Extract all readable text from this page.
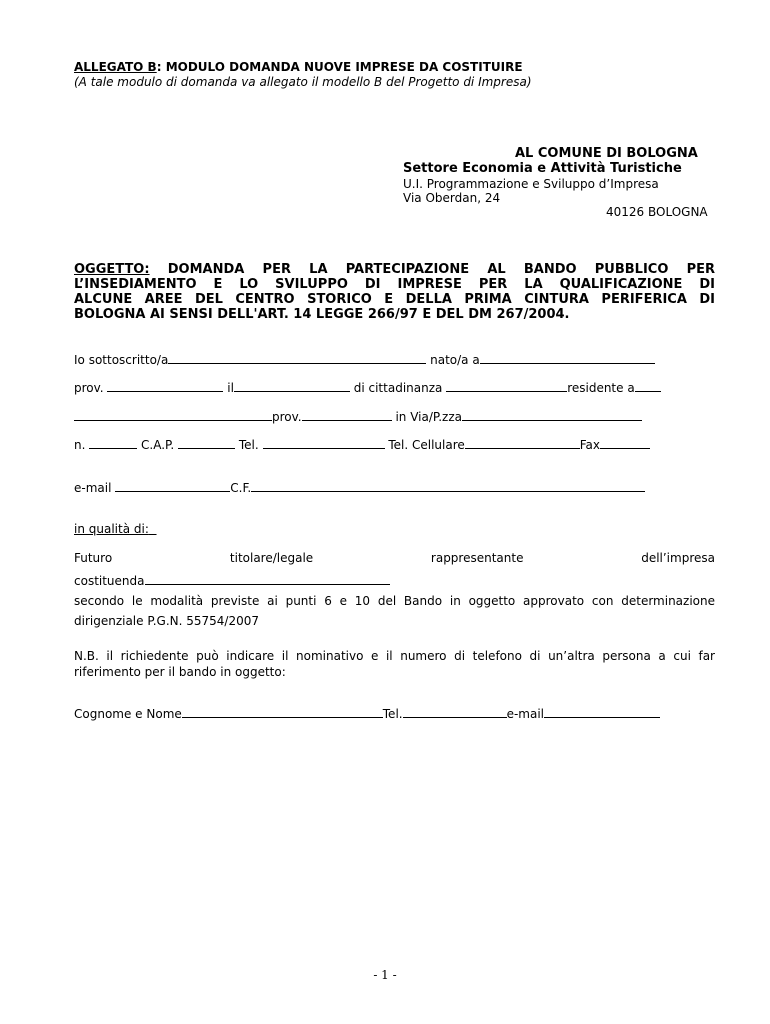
ALLEGATO B: MODULO DOMANDA NUOVE IMPRESE DA COSTITUIRE
(A tale modulo di domanda va allegato il modello B del Progetto di Impresa)
AL COMUNE DI BOLOGNA
Settore Economia e Attività Turistiche
U.I. Programmazione e Sviluppo d’Impresa
Via Oberdan, 24
40126 BOLOGNA
OGGETTO: DOMANDA PER LA PARTECIPAZIONE AL BANDO PUBBLICO PER
L’INSEDIAMENTO E LO SVILUPPO DI IMPRESE PER LA QUALIFICAZIONE DI
ALCUNE AREE DEL CENTRO STORICO E DELLA PRIMA CINTURA PERIFERICA DI
BOLOGNA AI SENSI DELL'ART. 14 LEGGE 266/97 E DEL DM 267/2004.
Io sottoscritto/a	nato/a a
prov.	il	di cittadinanza	residente a
prov.	in Via/P.zza
n.	C.A.P.	Tel.	Tel. Cellulare	Fax
e-mail	C.F.
in qualità di:
Futuro	titolare/legale	rappresentante	dell’impresa
costituenda
secondo le modalità previste ai punti 6 e 10 del Bando in oggetto approvato con determinazione dirigenziale P.G.N. 55754/2007
N.B. il richiedente può indicare il nominativo e il numero di telefono di un’altra persona a cui far riferimento per il bando in oggetto:
Cognome e Nome	Tel.	e-mail
- 1 -
